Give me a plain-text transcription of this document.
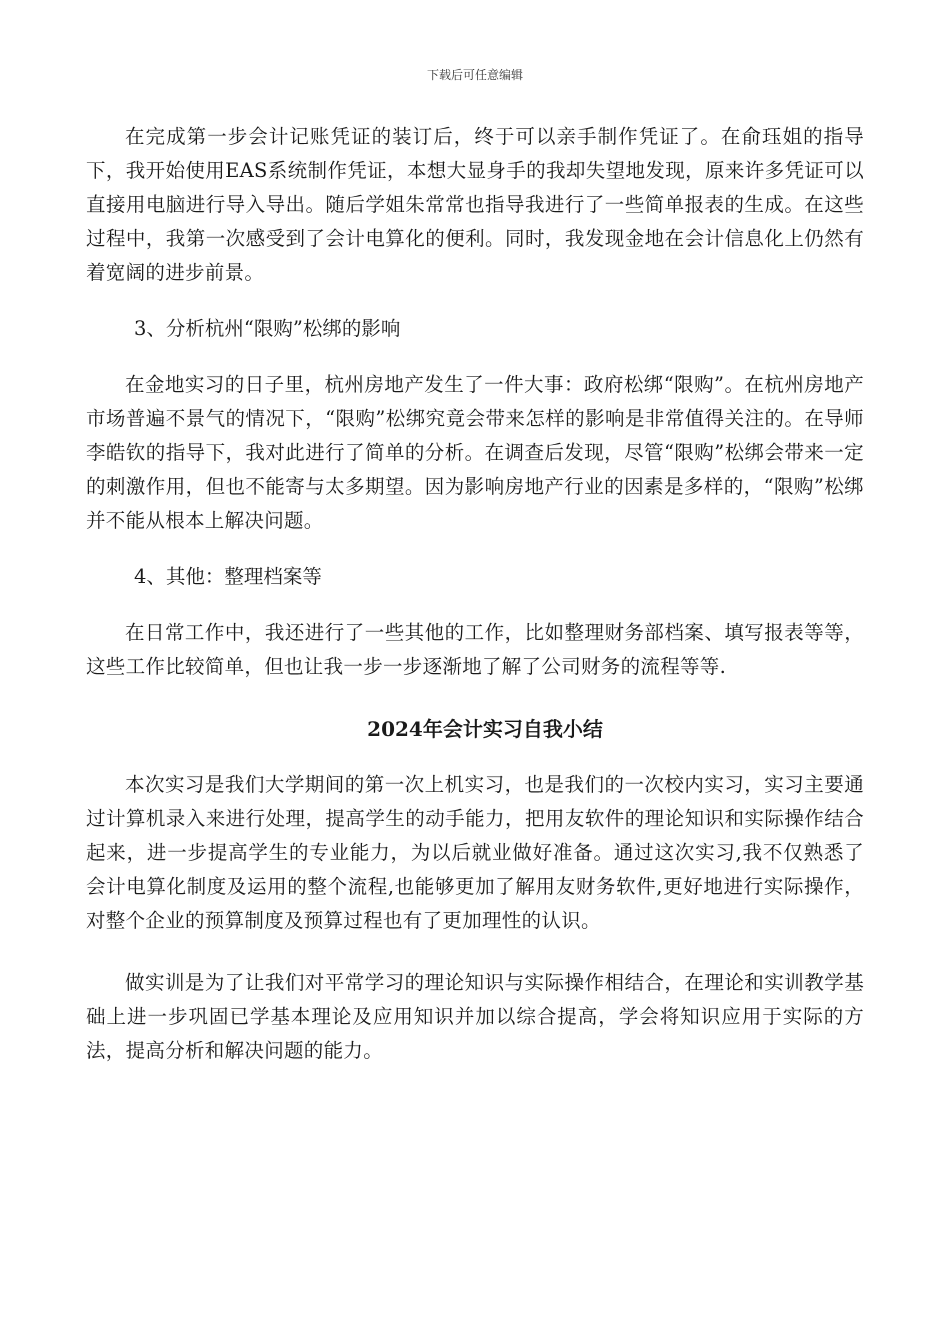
下载后可任意编辑

在完成第一步会计记账凭证的装订后，终于可以亲手制作凭证了。在俞珏姐的指导下，我开始使用EAS系统制作凭证，本想大显身手的我却失望地发现，原来许多凭证可以直接用电脑进行导入导出。随后学姐朱常常也指导我进行了一些简单报表的生成。在这些过程中，我第一次感受到了会计电算化的便利。同时，我发现金地在会计信息化上仍然有着宽阔的进步前景。

3、分析杭州“限购”松绑的影响

在金地实习的日子里，杭州房地产发生了一件大事：政府松绑“限购”。在杭州房地产市场普遍不景气的情况下，“限购”松绑究竟会带来怎样的影响是非常值得关注的。在导师李皓钦的指导下，我对此进行了简单的分析。在调查后发现，尽管“限购”松绑会带来一定的刺激作用，但也不能寄与太多期望。因为影响房地产行业的因素是多样的，“限购”松绑并不能从根本上解决问题。

4、其他：整理档案等

在日常工作中，我还进行了一些其他的工作，比如整理财务部档案、填写报表等等，这些工作比较简单，但也让我一步一步逐渐地了解了公司财务的流程等等.

2024年会计实习自我小结

本次实习是我们大学期间的第一次上机实习，也是我们的一次校内实习，实习主要通过计算机录入来进行处理，提高学生的动手能力，把用友软件的理论知识和实际操作结合起来，进一步提高学生的专业能力，为以后就业做好准备。通过这次实习,我不仅熟悉了会计电算化制度及运用的整个流程,也能够更加了解用友财务软件,更好地进行实际操作，对整个企业的预算制度及预算过程也有了更加理性的认识。

做实训是为了让我们对平常学习的理论知识与实际操作相结合，在理论和实训教学基础上进一步巩固已学基本理论及应用知识并加以综合提高，学会将知识应用于实际的方法，提高分析和解决问题的能力。
